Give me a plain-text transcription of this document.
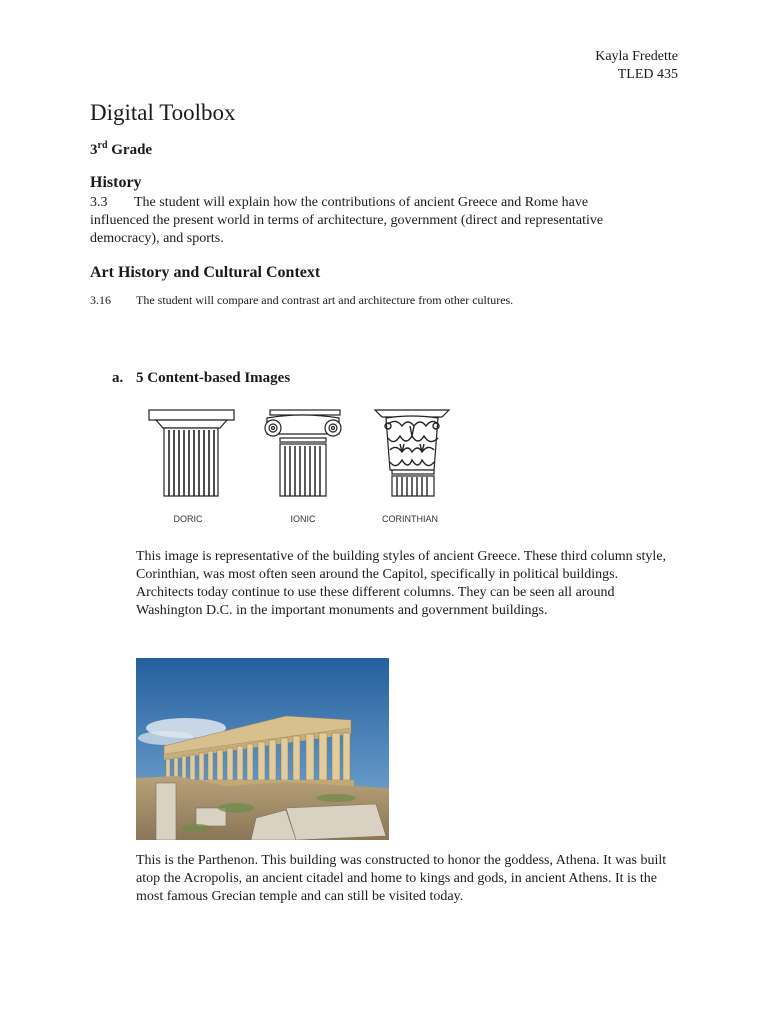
Kayla Fredette
TLED 435
Digital Toolbox
3rd Grade
History

3.3 The student will explain how the contributions of ancient Greece and Rome have influenced the present world in terms of architecture, government (direct and representative democracy), and sports.

Art History and Cultural Context

3.16 The student will compare and contrast art and architecture from other cultures.

a. 5 Content-based Images
DORIC	IONIC	CORINTHIAN

This image is representative of the building styles of ancient Greece. These third column style, Corinthian, was most often seen around the Capitol, specifically in political buildings. Architects today continue to use these different columns. They can be seen all around Washington D.C. in the important monuments and government buildings.

This is the Parthenon. This building was constructed to honor the goddess, Athena. It was built atop the Acropolis, an ancient citadel and home to kings and gods, in ancient Athens. It is the most famous Grecian temple and can still be visited today.
